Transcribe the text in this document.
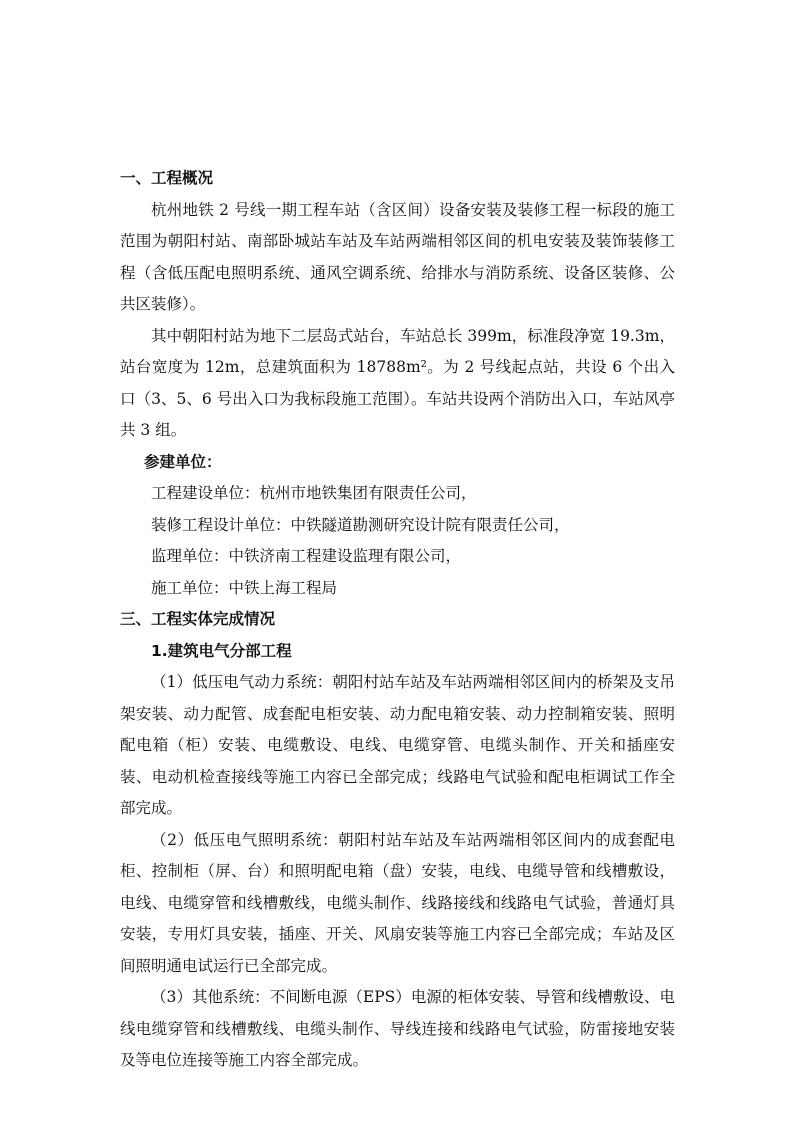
一、工程概况

杭州地铁 2 号线一期工程车站（含区间）设备安装及装修工程一标段的施工范围为朝阳村站、南部卧城站车站及车站两端相邻区间的机电安装及装饰装修工程（含低压配电照明系统、通风空调系统、给排水与消防系统、设备区装修、公共区装修）。

其中朝阳村站为地下二层岛式站台，车站总长 399m，标准段净宽 19.3m，站台宽度为 12m，总建筑面积为 18788m²。为 2 号线起点站，共设 6 个出入口（3、5、6 号出入口为我标段施工范围）。车站共设两个消防出入口，车站风亭共 3 组。

参建单位：
工程建设单位：杭州市地铁集团有限责任公司，
装修工程设计单位：中铁隧道勘测研究设计院有限责任公司，
监理单位：中铁济南工程建设监理有限公司，
施工单位：中铁上海工程局
三、工程实体完成情况
1.建筑电气分部工程

（1）低压电气动力系统：朝阳村站车站及车站两端相邻区间内的桥架及支吊架安装、动力配管、成套配电柜安装、动力配电箱安装、动力控制箱安装、照明配电箱（柜）安装、电缆敷设、电线、电缆穿管、电缆头制作、开关和插座安装、电动机检查接线等施工内容已全部完成；线路电气试验和配电柜调试工作全部完成。

（2）低压电气照明系统：朝阳村站车站及车站两端相邻区间内的成套配电柜、控制柜（屏、台）和照明配电箱（盘）安装，电线、电缆导管和线槽敷设，电线、电缆穿管和线槽敷线，电缆头制作、线路接线和线路电气试验，普通灯具安装，专用灯具安装，插座、开关、风扇安装等施工内容已全部完成；车站及区间照明通电试运行已全部完成。

（3）其他系统：不间断电源（EPS）电源的柜体安装、导管和线槽敷设、电线电缆穿管和线槽敷线、电缆头制作、导线连接和线路电气试验，防雷接地安装及等电位连接等施工内容全部完成。
